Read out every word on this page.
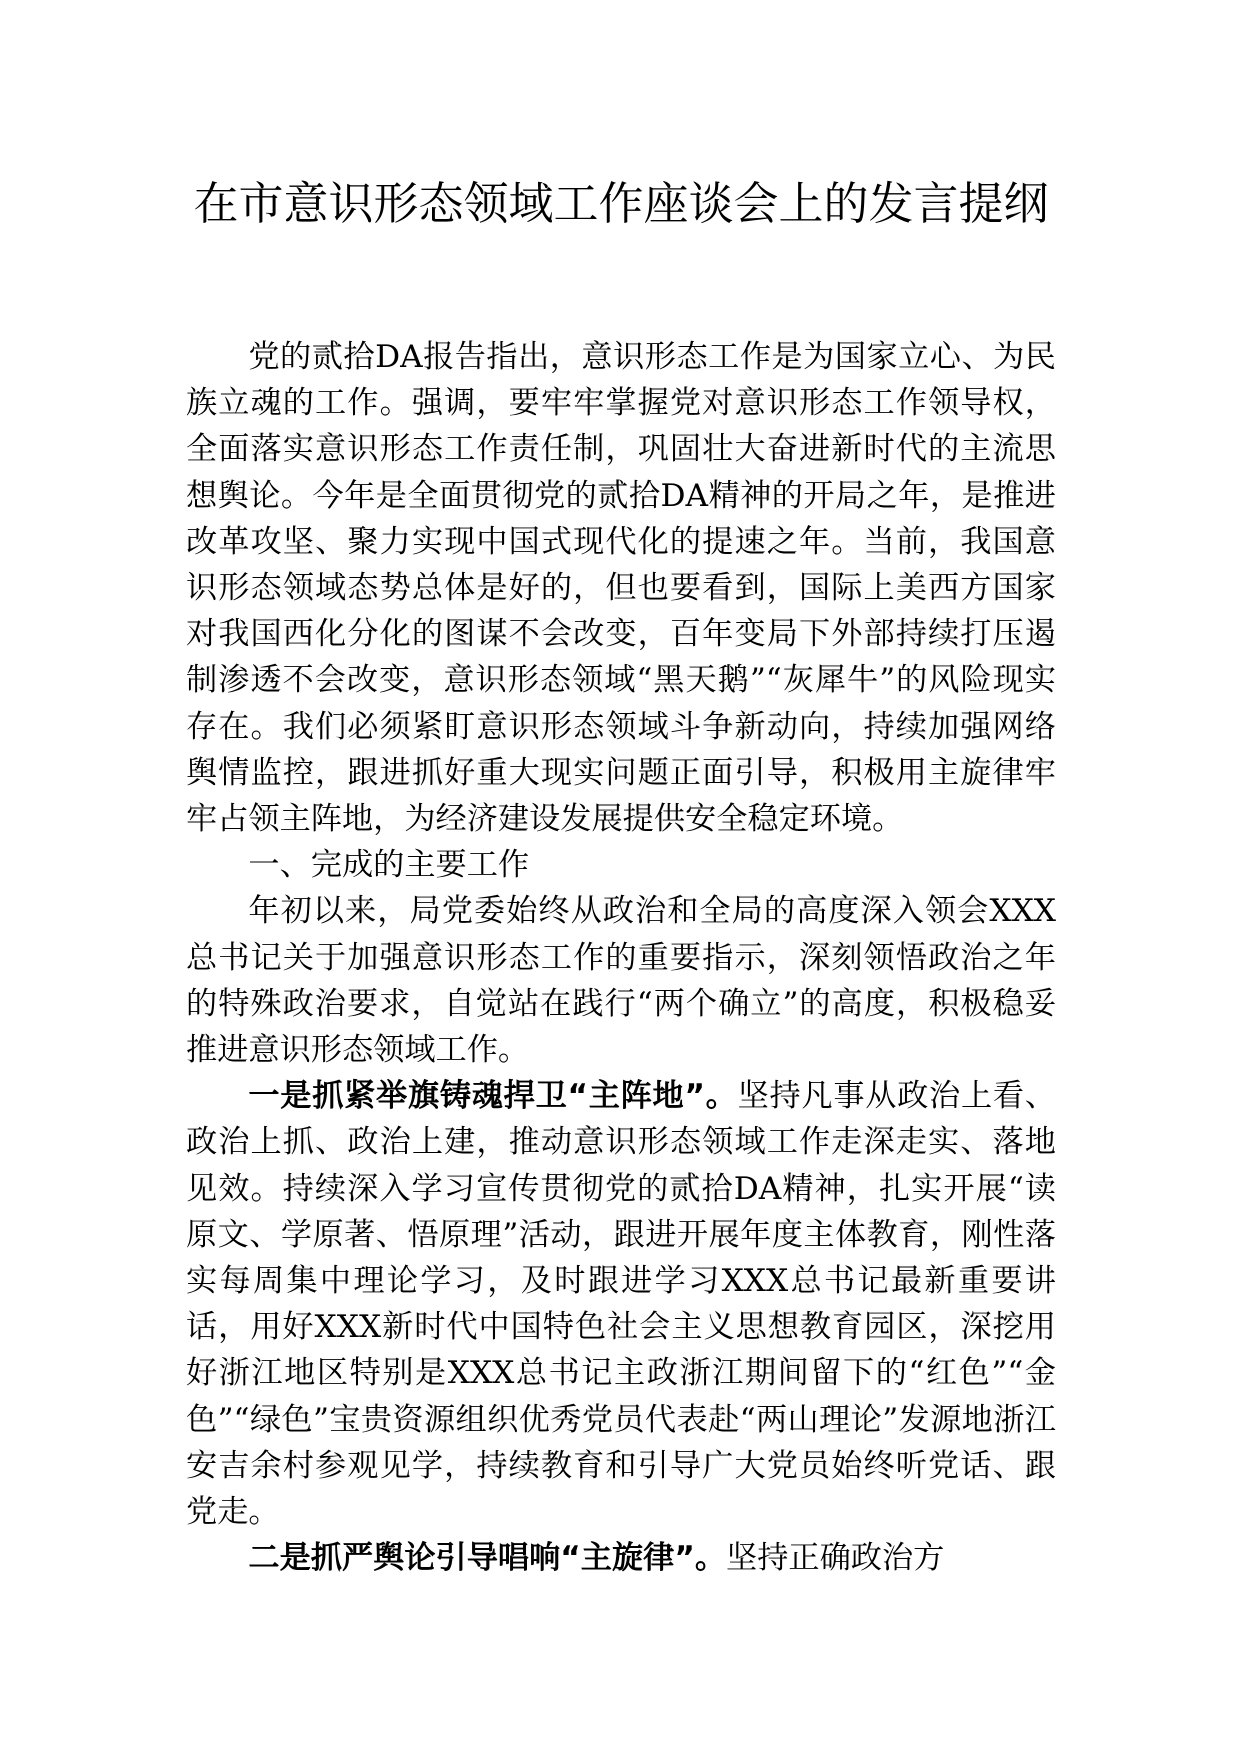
在市意识形态领域工作座谈会上的发言提纲

党的贰拾DA报告指出，意识形态工作是为国家立心、为民族立魂的工作。强调，要牢牢掌握党对意识形态工作领导权，全面落实意识形态工作责任制，巩固壮大奋进新时代的主流思想舆论。今年是全面贯彻党的贰拾DA精神的开局之年，是推进改革攻坚、聚力实现中国式现代化的提速之年。当前，我国意识形态领域态势总体是好的，但也要看到，国际上美西方国家对我国西化分化的图谋不会改变，百年变局下外部持续打压遏制渗透不会改变，意识形态领域“黑天鹅”“灰犀牛”的风险现实存在。我们必须紧盯意识形态领域斗争新动向，持续加强网络舆情监控，跟进抓好重大现实问题正面引导，积极用主旋律牢牢占领主阵地，为经济建设发展提供安全稳定环境。

一、完成的主要工作

年初以来，局党委始终从政治和全局的高度深入领会XXX总书记关于加强意识形态工作的重要指示，深刻领悟政治之年的特殊政治要求，自觉站在践行“两个确立”的高度，积极稳妥推进意识形态领域工作。

一是抓紧举旗铸魂捍卫“主阵地”。坚持凡事从政治上看、政治上抓、政治上建，推动意识形态领域工作走深走实、落地见效。持续深入学习宣传贯彻党的贰拾DA精神，扎实开展“读原文、学原著、悟原理”活动，跟进开展年度主体教育，刚性落实每周集中理论学习，及时跟进学习XXX总书记最新重要讲话，用好XXX新时代中国特色社会主义思想教育园区，深挖用好浙江地区特别是XXX总书记主政浙江期间留下的“红色”“金色”“绿色”宝贵资源组织优秀党员代表赴“两山理论”发源地浙江安吉余村参观见学，持续教育和引导广大党员始终听党话、跟党走。

二是抓严舆论引导唱响“主旋律”。坚持正确政治方
